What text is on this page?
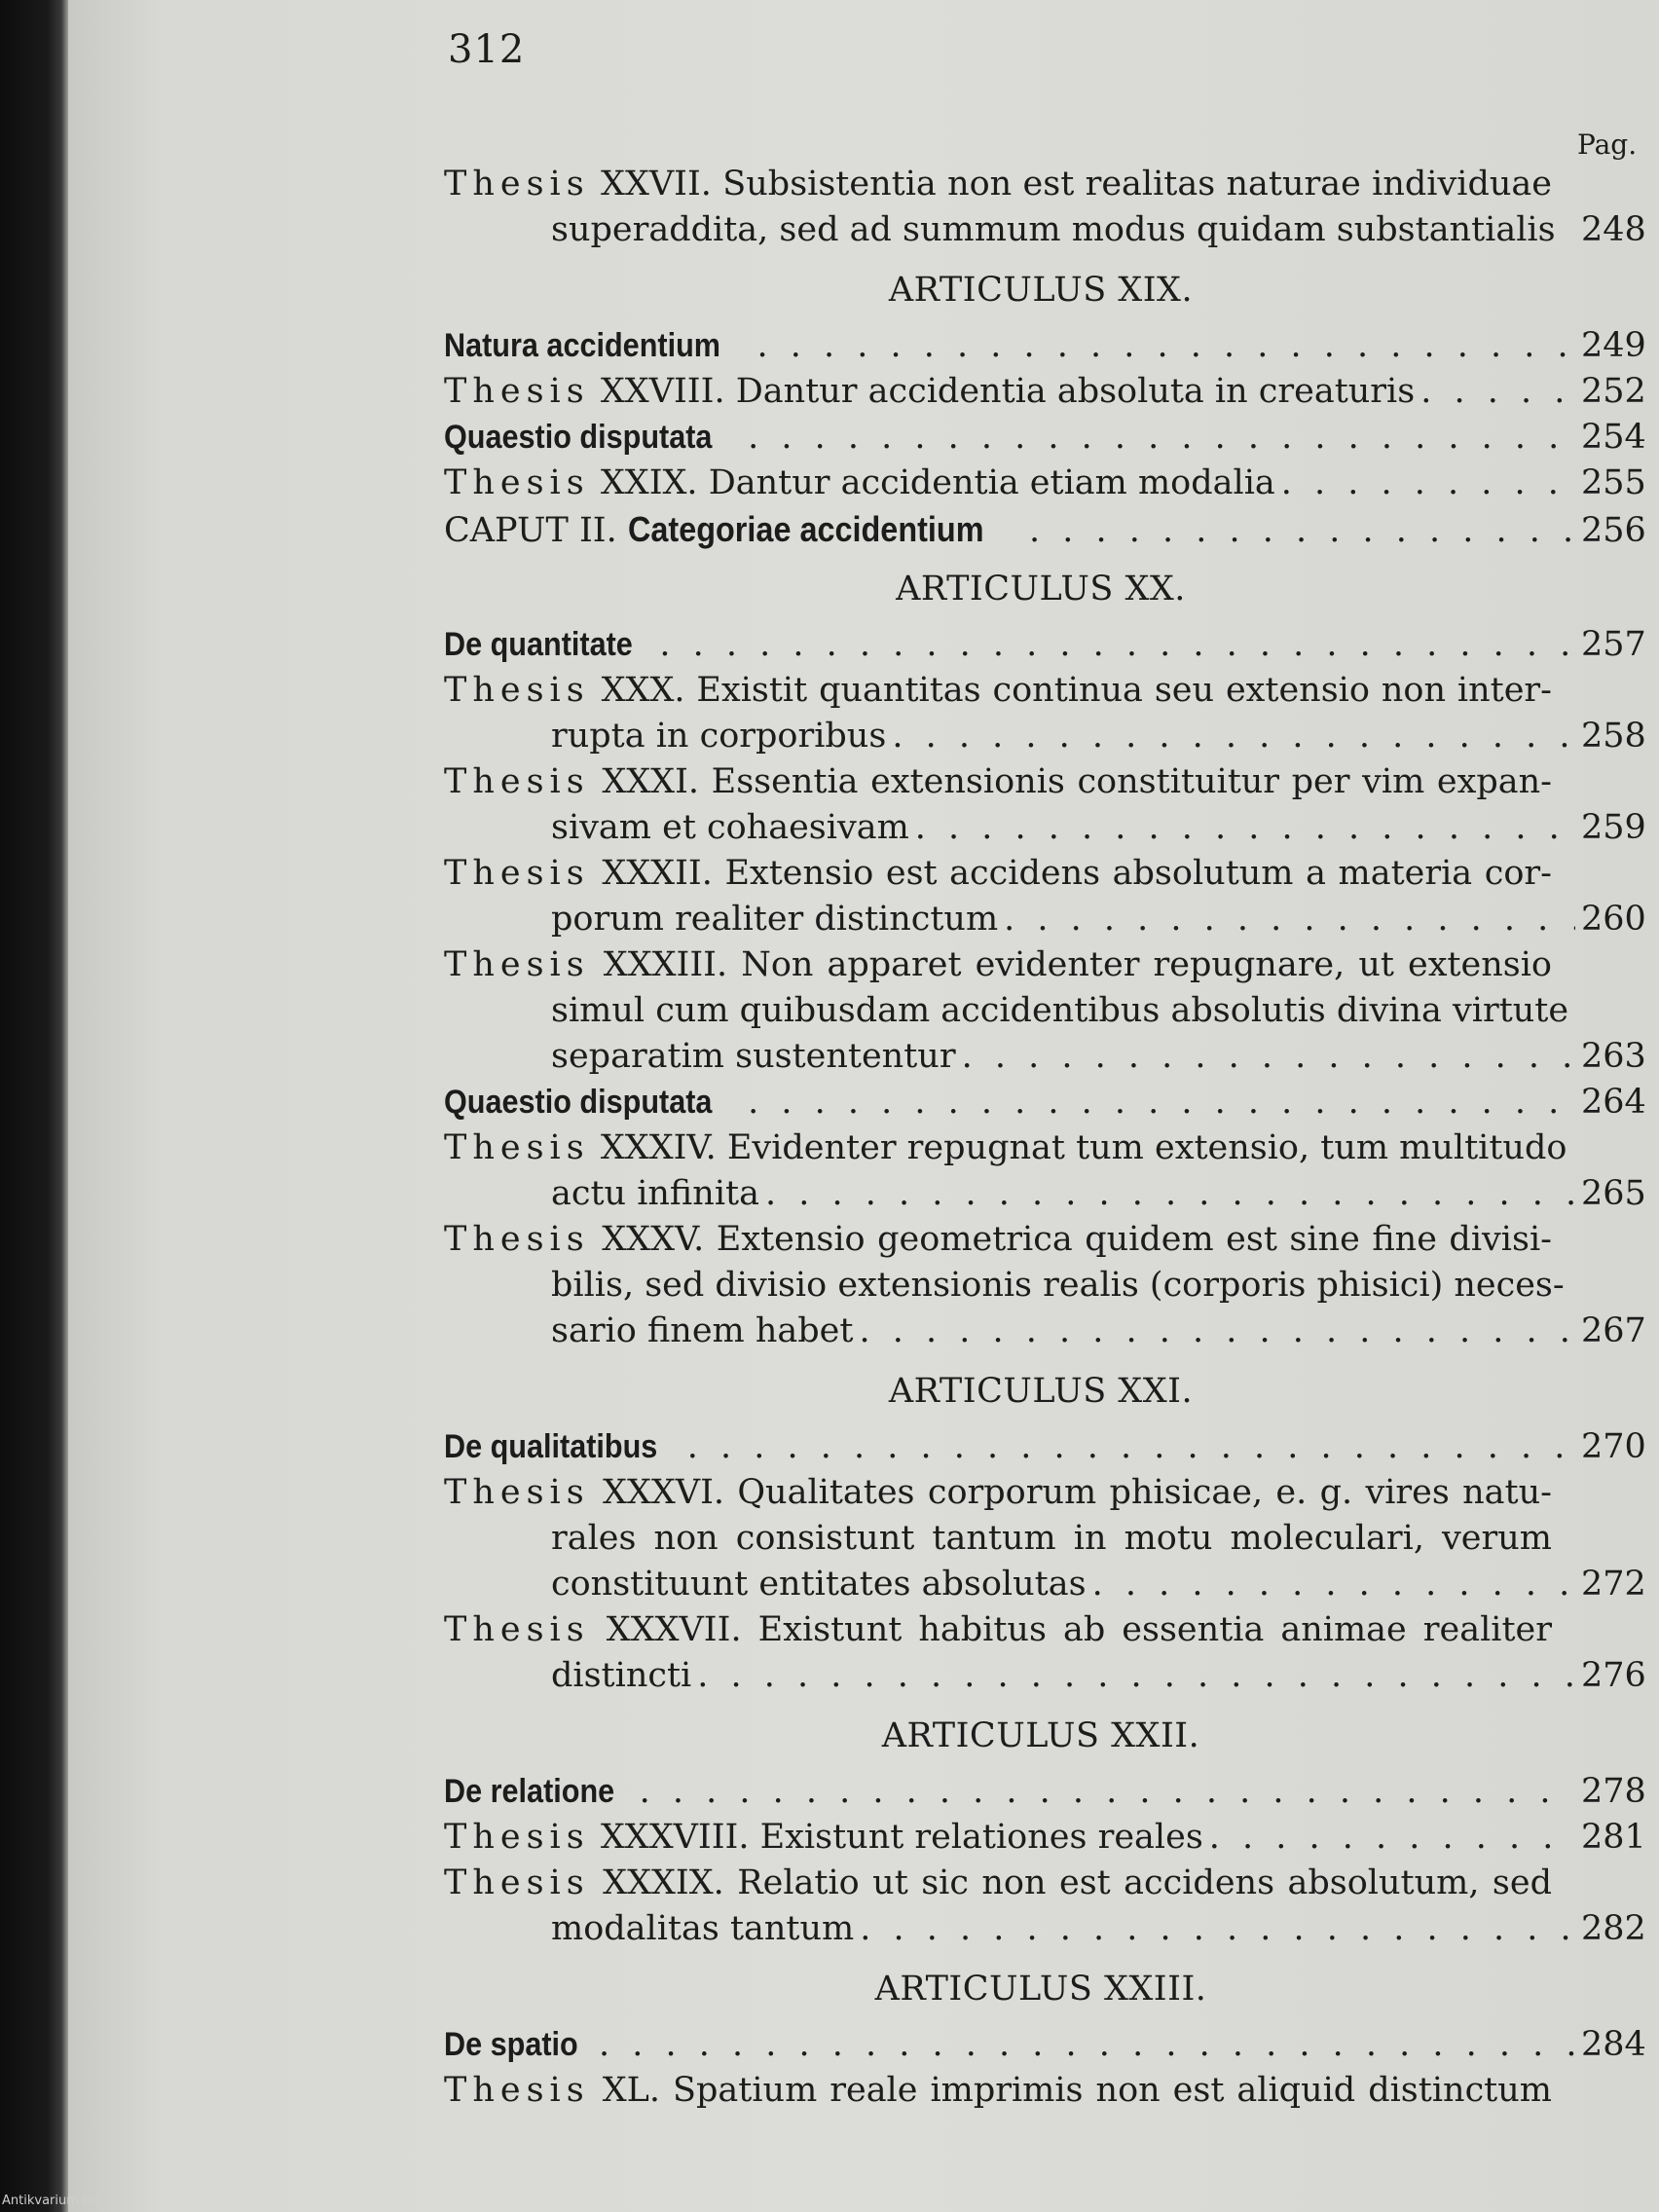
312
Pag.
Thesis XXVII. Subsistentia non est realitas naturae individuae
superaddita, sed ad summum modus quidam substantialis 248
ARTICULUS XIX.
Natura accidentium . . .	249
Thesis XXVIII. Dantur accidentia absoluta in creaturis . . .	252
Quaestio disputata . . .	254
Thesis XXIX. Dantur accidentia etiam modalia . . .	255
CAPUT II. Categoriae accidentium . . .	256
ARTICULUS XX.
De quantitate . . .	257
Thesis XXX. Existit quantitas continua seu extensio non inter-
rupta in corporibus . . .	258
Thesis XXXI. Essentia extensionis constituitur per vim expan-
sivam et cohaesivam . . .	259
Thesis XXXII. Extensio est accidens absolutum a materia cor-
porum realiter distinctum . . .	260
Thesis XXXIII. Non apparet evidenter repugnare, ut extensio
simul cum quibusdam accidentibus absolutis divina virtute
separatim sustententur . . .	263
Quaestio disputata . . .	264
Thesis XXXIV. Evidenter repugnat tum extensio, tum multitudo
actu infinita . . .	265
Thesis XXXV. Extensio geometrica quidem est sine fine divisi-
bilis, sed divisio extensionis realis (corporis phisici) neces-
sario finem habet . . .	267
ARTICULUS XXI.
De qualitatibus . . .	270
Thesis XXXVI. Qualitates corporum phisicae, e. g. vires natu-
rales non consistunt tantum in motu moleculari, verum
constituunt entitates absolutas . . .	272
Thesis XXXVII. Existunt habitus ab essentia animae realiter
distincti . . .	276
ARTICULUS XXII.
De relatione . . .	278
Thesis XXXVIII. Existunt relationes reales . . .	281
Thesis XXXIX. Relatio ut sic non est accidens absolutum, sed
modalitas tantum . . .	282
ARTICULUS XXIII.
De spatio . . .	284
Thesis XL. Spatium reale imprimis non est aliquid distinctum
Antikvarium.hu
